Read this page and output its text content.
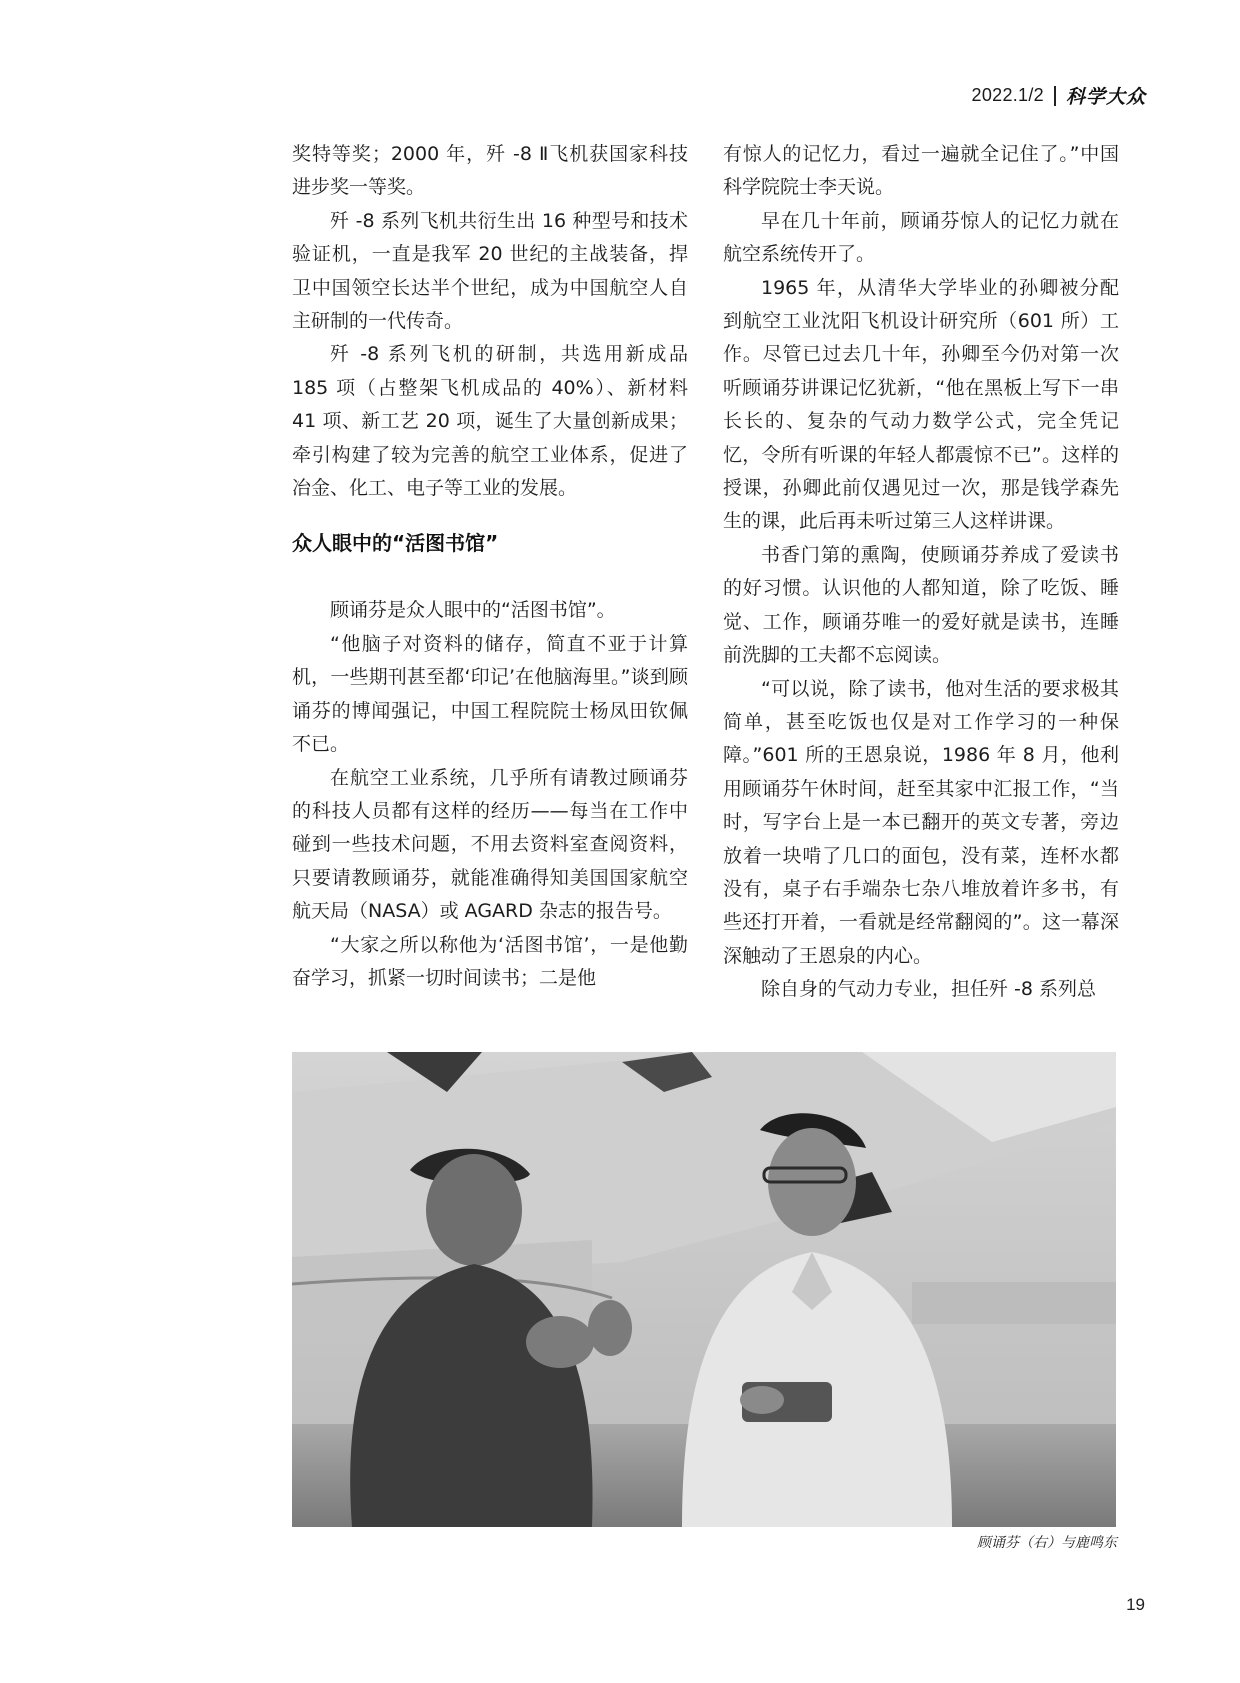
2022.1/2 科学大众

奖特等奖；2000 年，歼 -8 Ⅱ飞机获国家科技进步奖一等奖。

歼 -8 系列飞机共衍生出 16 种型号和技术验证机，一直是我军 20 世纪的主战装备，捍卫中国领空长达半个世纪，成为中国航空人自主研制的一代传奇。

歼 -8 系列飞机的研制，共选用新成品 185 项（占整架飞机成品的 40%）、新材料 41 项、新工艺 20 项，诞生了大量创新成果；牵引构建了较为完善的航空工业体系，促进了冶金、化工、电子等工业的发展。

众人眼中的“活图书馆”

顾诵芬是众人眼中的“活图书馆”。

“他脑子对资料的储存，简直不亚于计算机，一些期刊甚至都‘印记’在他脑海里。”谈到顾诵芬的博闻强记，中国工程院院士杨凤田钦佩不已。

在航空工业系统，几乎所有请教过顾诵芬的科技人员都有这样的经历——每当在工作中碰到一些技术问题，不用去资料室查阅资料，只要请教顾诵芬，就能准确得知美国国家航空航天局（NASA）或 AGARD 杂志的报告号。

“大家之所以称他为‘活图书馆’，一是他勤奋学习，抓紧一切时间读书；二是他

有惊人的记忆力，看过一遍就全记住了。”中国科学院院士李天说。

早在几十年前，顾诵芬惊人的记忆力就在航空系统传开了。

1965 年，从清华大学毕业的孙卿被分配到航空工业沈阳飞机设计研究所（601 所）工作。尽管已过去几十年，孙卿至今仍对第一次听顾诵芬讲课记忆犹新，“他在黑板上写下一串长长的、复杂的气动力数学公式，完全凭记忆，令所有听课的年轻人都震惊不已”。这样的授课，孙卿此前仅遇见过一次，那是钱学森先生的课，此后再未听过第三人这样讲课。

书香门第的熏陶，使顾诵芬养成了爱读书的好习惯。认识他的人都知道，除了吃饭、睡觉、工作，顾诵芬唯一的爱好就是读书，连睡前洗脚的工夫都不忘阅读。

“可以说，除了读书，他对生活的要求极其简单，甚至吃饭也仅是对工作学习的一种保障。”601 所的王恩泉说，1986 年 8 月，他利用顾诵芬午休时间，赶至其家中汇报工作，“当时，写字台上是一本已翻开的英文专著，旁边放着一块啃了几口的面包，没有菜，连杯水都没有，桌子右手端杂七杂八堆放着许多书，有些还打开着，一看就是经常翻阅的”。这一幕深深触动了王恩泉的内心。

除自身的气动力专业，担任歼 -8 系列总

顾诵芬（右）与鹿鸣东
19
